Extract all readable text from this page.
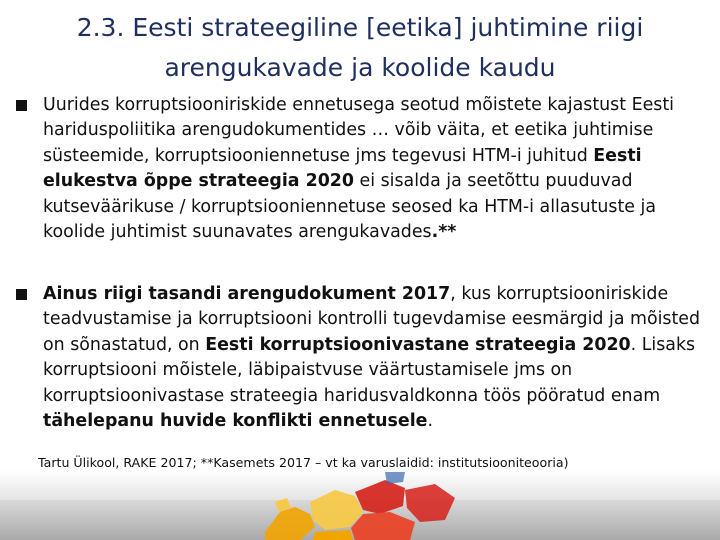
2.3. Eesti strateegiline [eetika] juhtimine riigi arengukavade ja koolide kaudu
Uurides korruptsiooniriskide ennetusega seotud mõistete kajastust Eesti hariduspoliitika arengudokumentides … võib väita, et eetika juhtimise süsteemide, korruptsiooniennetuse jms tegevusi HTM-i juhitud Eesti elukestva õppe strateegia 2020 ei sisalda ja seetõttu puuduvad kutseväärikuse / korruptsiooniennetuse seosed ka HTM-i allasutuste ja koolide juhtimist suunavates arengukavades.**
Ainus riigi tasandi arengudokument 2017, kus korruptsiooniriskide teadvustamise ja korruptsiooni kontrolli tugevdamise eesmärgid ja mõisted on sõnastatud, on Eesti korruptsioonivastane strateegia 2020. Lisaks korruptsiooni mõistele, läbipaistvuse väärtustamisele jms on korruptsioonivastase strateegia haridusvaldkonna töös pööratud enam tähelepanu huvide konflikti ennetusele.
Tartu Ülikool, RAKE 2017; **Kasemets 2017 – vt ka varuslaidid: institutsiooniteooria)
